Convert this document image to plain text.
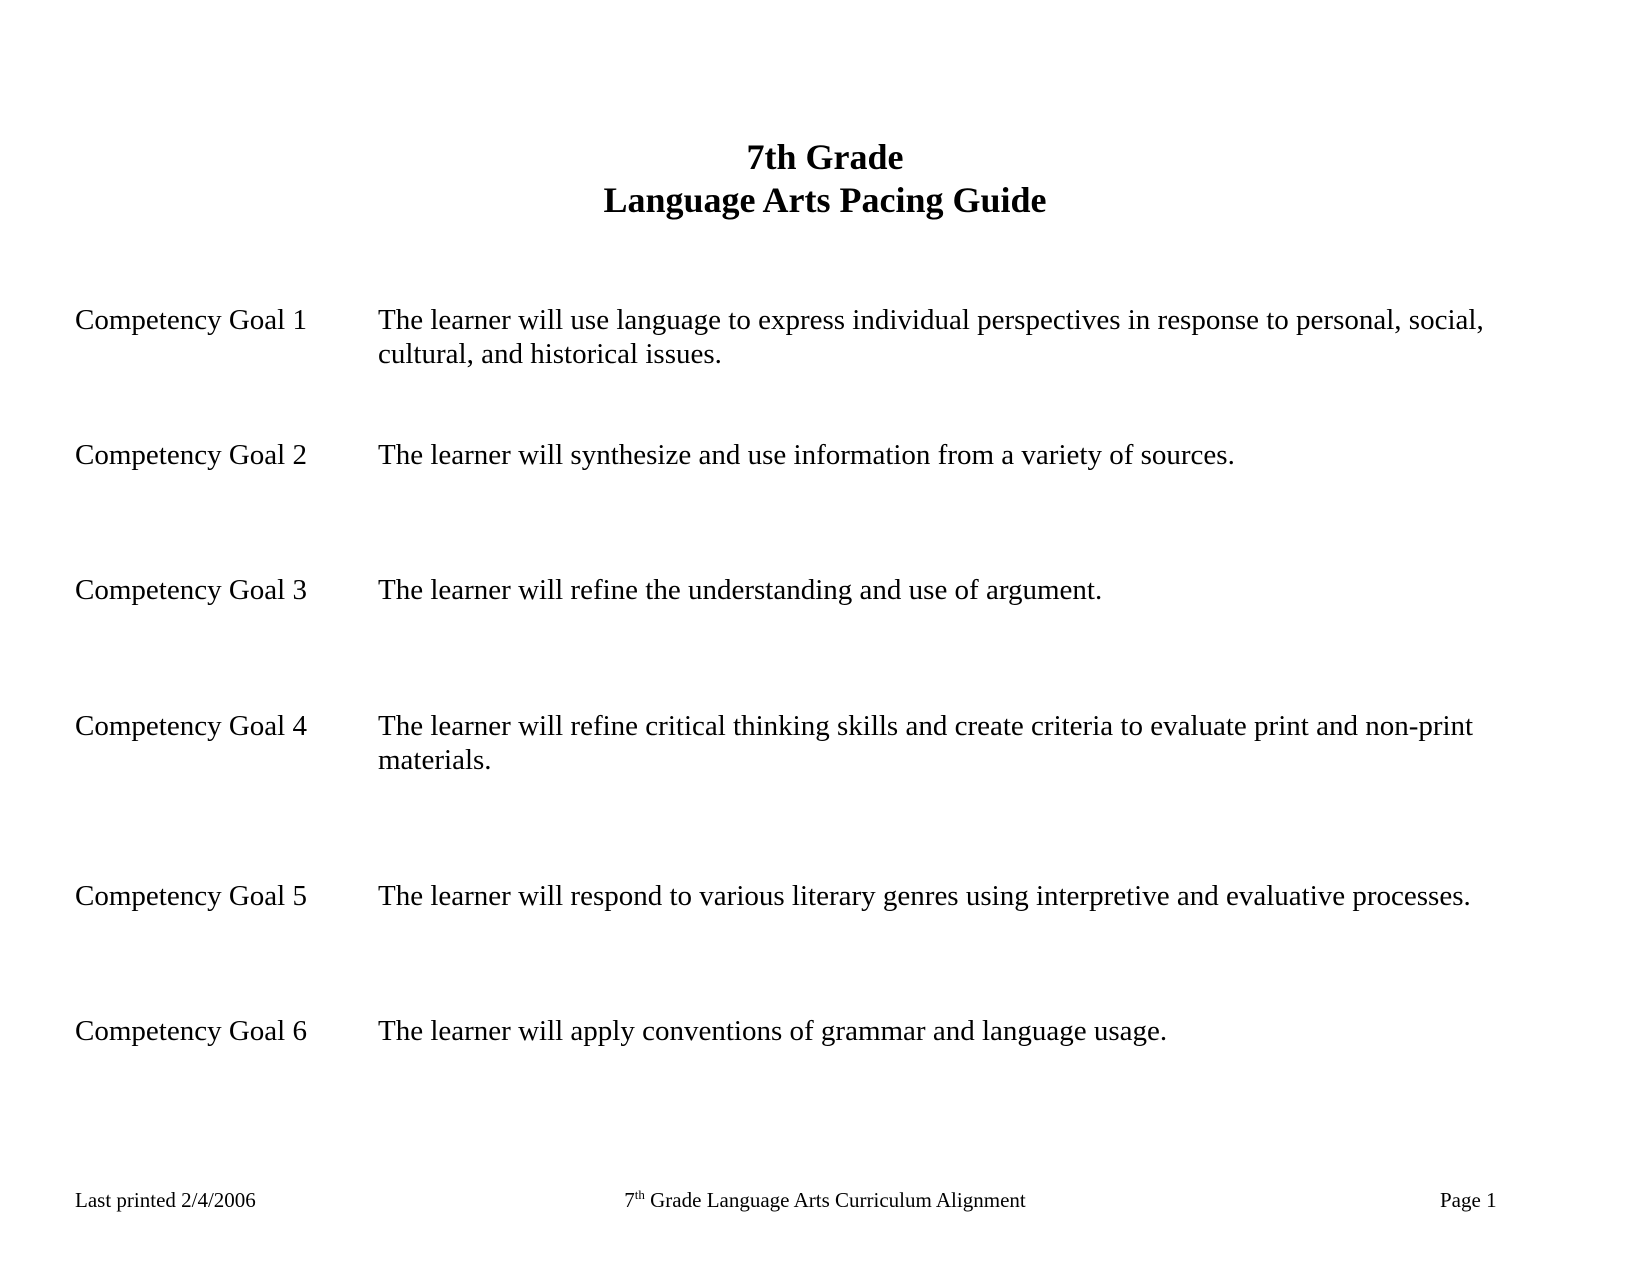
7th Grade
Language Arts Pacing Guide
Competency Goal 1 The learner will use language to express individual perspectives in response to personal, social, cultural, and historical issues.
Competency Goal 2 The learner will synthesize and use information from a variety of sources.
Competency Goal 3 The learner will refine the understanding and use of argument.
Competency Goal 4 The learner will refine critical thinking skills and create criteria to evaluate print and non-print materials.
Competency Goal 5 The learner will respond to various literary genres using interpretive and evaluative processes.
Competency Goal 6 The learner will apply conventions of grammar and language usage.
Last printed 2/4/2006	7th Grade Language Arts Curriculum Alignment	Page 1
